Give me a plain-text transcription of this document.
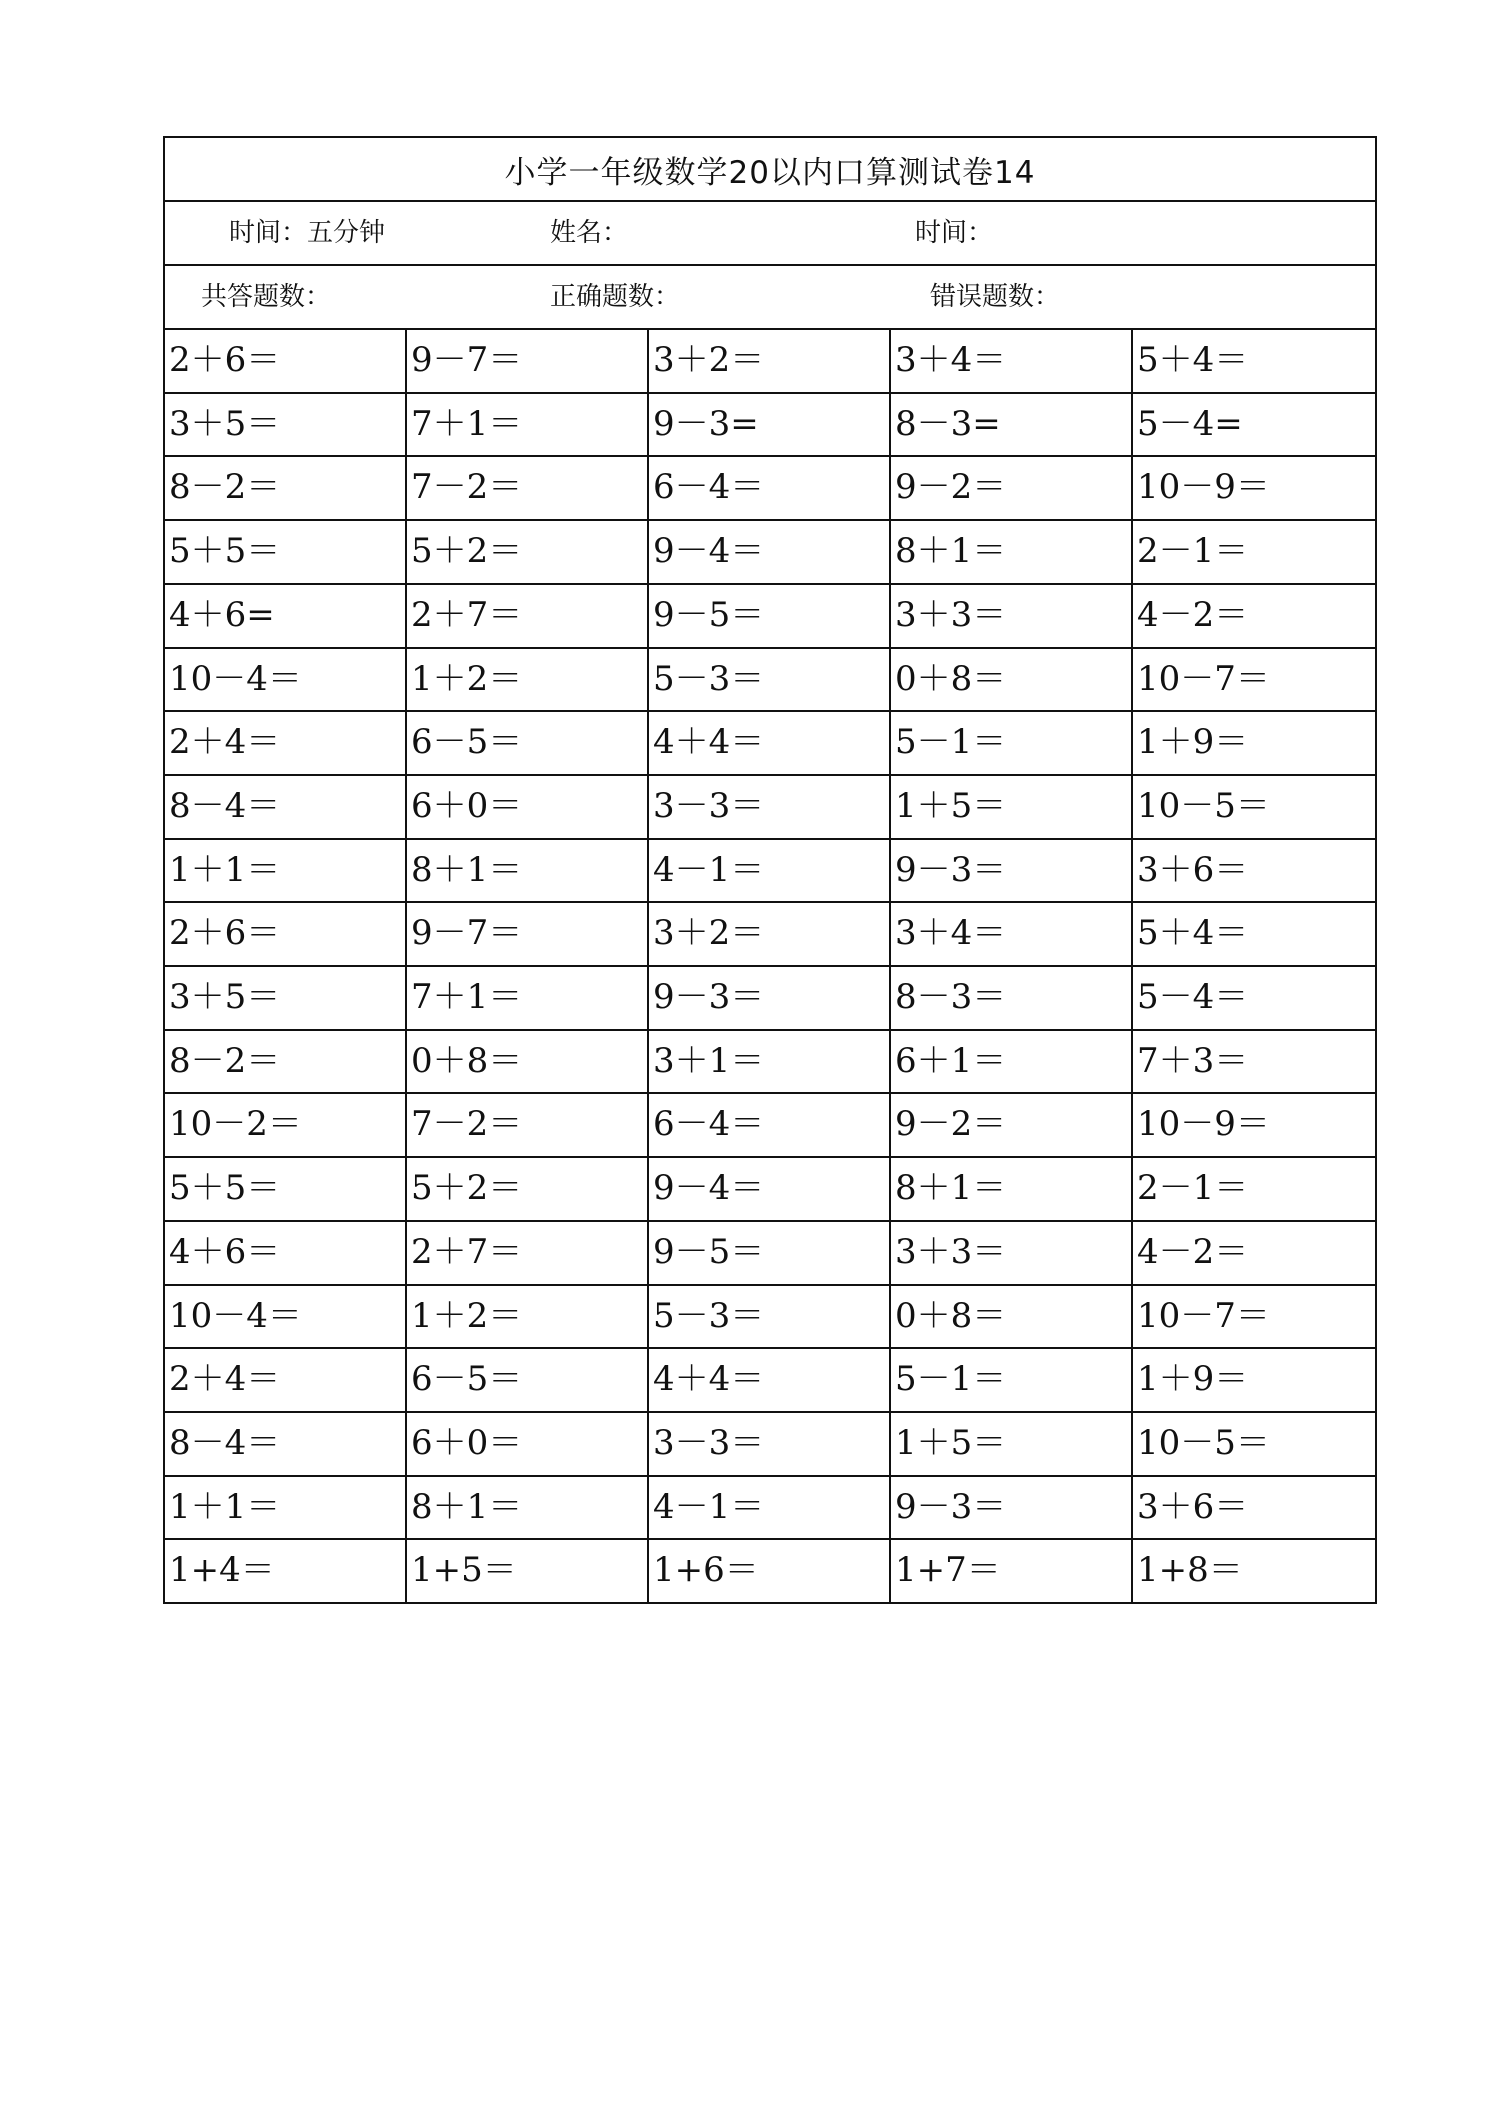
小学一年级数学20以内口算测试卷14
时间：五分钟	姓名：	时间：
共答题数：	正确题数：	错误题数：
2＋6＝	9－7＝	3＋2＝	3＋4＝	5＋4＝
3＋5＝	7＋1＝	9－3=	8－3=	5－4=
8－2＝	7－2＝	6－4＝	9－2＝	10－9＝
5＋5＝	5＋2＝	9－4＝	8＋1＝	2－1＝
4＋6=	2＋7＝	9－5＝	3＋3＝	4－2＝
10－4＝	1＋2＝	5－3＝	0＋8＝	10－7＝
2＋4＝	6－5＝	4＋4＝	5－1＝	1＋9＝
8－4＝	6＋0＝	3－3＝	1＋5＝	10－5＝
1＋1＝	8＋1＝	4－1＝	9－3＝	3＋6＝
2＋6＝	9－7＝	3＋2＝	3＋4＝	5＋4＝
3＋5＝	7＋1＝	9－3＝	8－3＝	5－4＝
8－2＝	0＋8＝	3＋1＝	6＋1＝	7＋3＝
10－2＝	7－2＝	6－4＝	9－2＝	10－9＝
5＋5＝	5＋2＝	9－4＝	8＋1＝	2－1＝
4＋6＝	2＋7＝	9－5＝	3＋3＝	4－2＝
10－4＝	1＋2＝	5－3＝	0＋8＝	10－7＝
2＋4＝	6－5＝	4＋4＝	5－1＝	1＋9＝
8－4＝	6＋0＝	3－3＝	1＋5＝	10－5＝
1＋1＝	8＋1＝	4－1＝	9－3＝	3＋6＝
1+4＝	1+5＝	1+6＝	1+7＝	1+8＝
